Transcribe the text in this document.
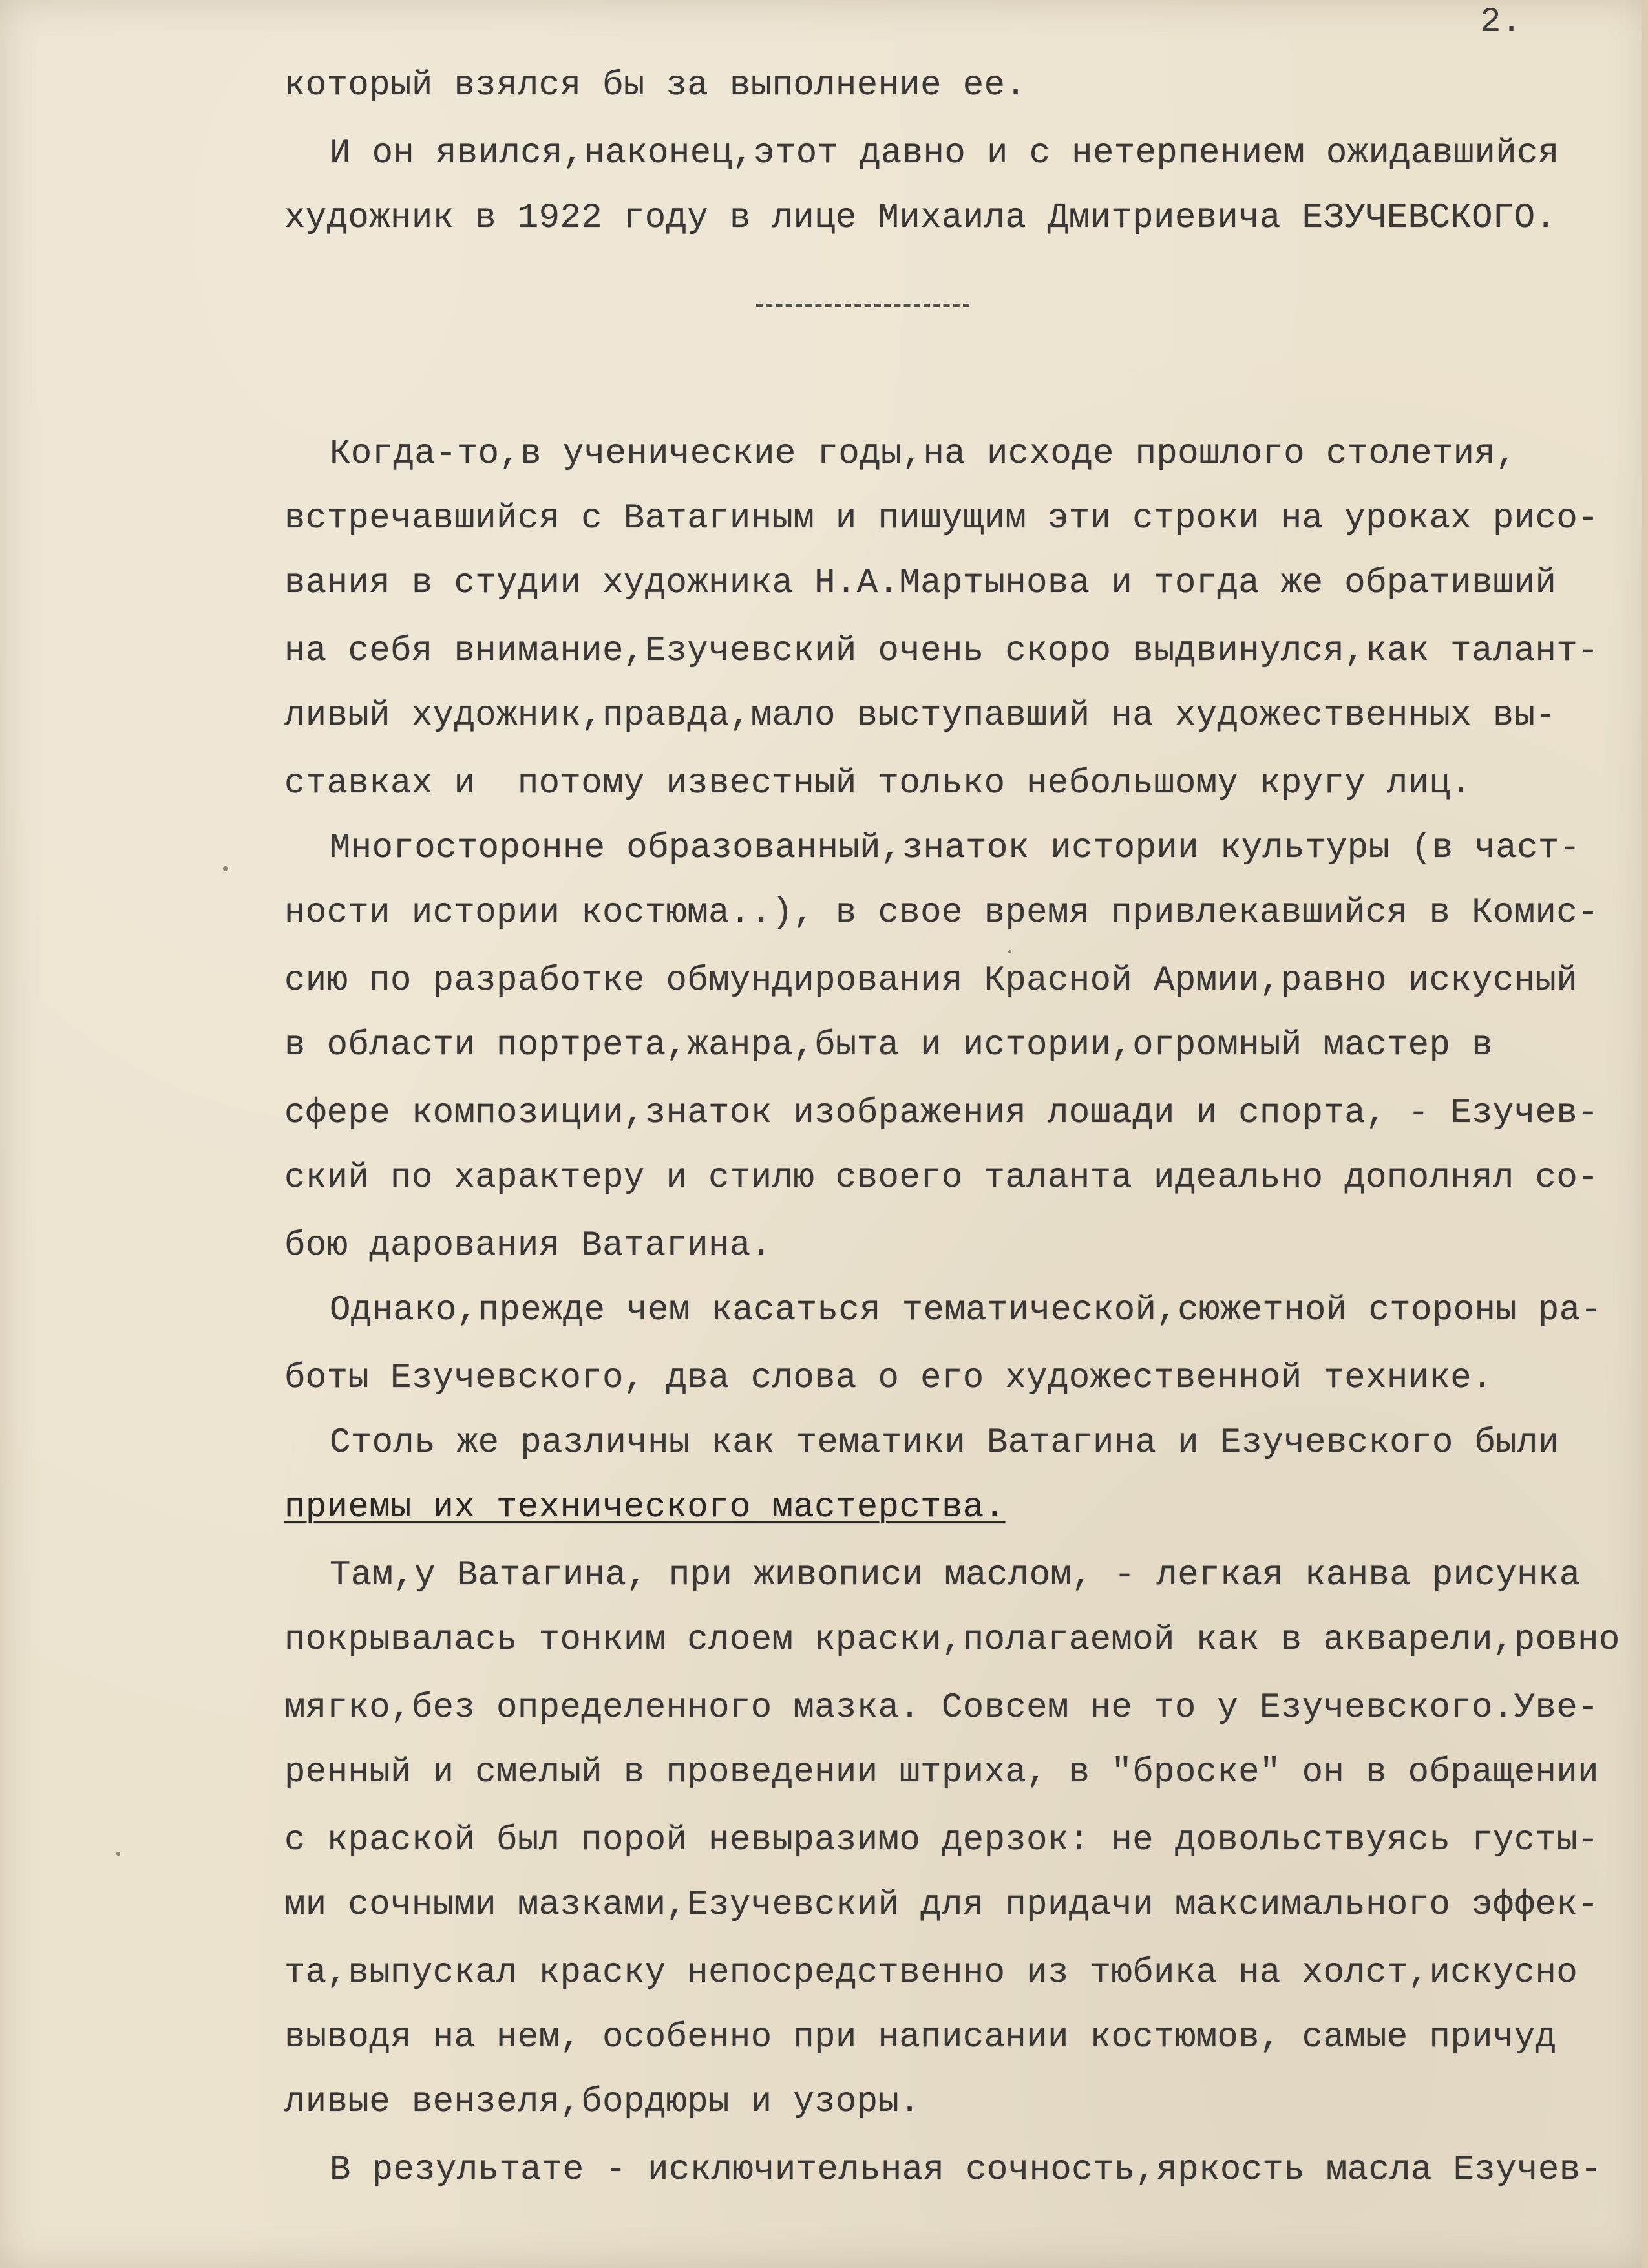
2.
который взялся бы за выполнение ее.
И он явился,наконец,этот давно и с нетерпением ожидавшийся
художник в 1922 году в лице Михаила Дмитриевича ЕЗУЧЕВСКОГО.
Когда-то,в ученические годы,на исходе прошлого столетия,
встречавшийся с Ватагиным и пишущим эти строки на уроках рисо-
вания в студии художника Н.А.Мартынова и тогда же обративший
на себя внимание,Езучевский очень скоро выдвинулся,как талант-
ливый художник,правда,мало выступавший на художественных вы-
ставках и  потому известный только небольшому кругу лиц.
Многосторонне образованный,знаток истории культуры (в част-
ности истории костюма..), в свое время привлекавшийся в Комис-
сию по разработке обмундирования Красной Армии,равно искусный
в области портрета,жанра,быта и истории,огромный мастер в
сфере композиции,знаток изображения лошади и спорта, - Езучев-
ский по характеру и стилю своего таланта идеально дополнял со-
бою дарования Ватагина.
Однако,прежде чем касаться тематической,сюжетной стороны ра-
боты Езучевского, два слова о его художественной технике.
Столь же различны как тематики Ватагина и Езучевского были
приемы их технического мастерства.
Там,у Ватагина, при живописи маслом, - легкая канва рисунка
покрывалась тонким слоем краски,полагаемой как в акварели,ровно
мягко,без определенного мазка. Совсем не то у Езучевского.Уве-
ренный и смелый в проведении штриха, в "броске" он в обращении
с краской был порой невыразимо дерзок: не довольствуясь густы-
ми сочными мазками,Езучевский для придачи максимального эффек-
та,выпускал краску непосредственно из тюбика на холст,искусно
выводя на нем, особенно при написании костюмов, самые причуд
ливые вензеля,бордюры и узоры.
В результате - исключительная сочность,яркость масла Езучев-
